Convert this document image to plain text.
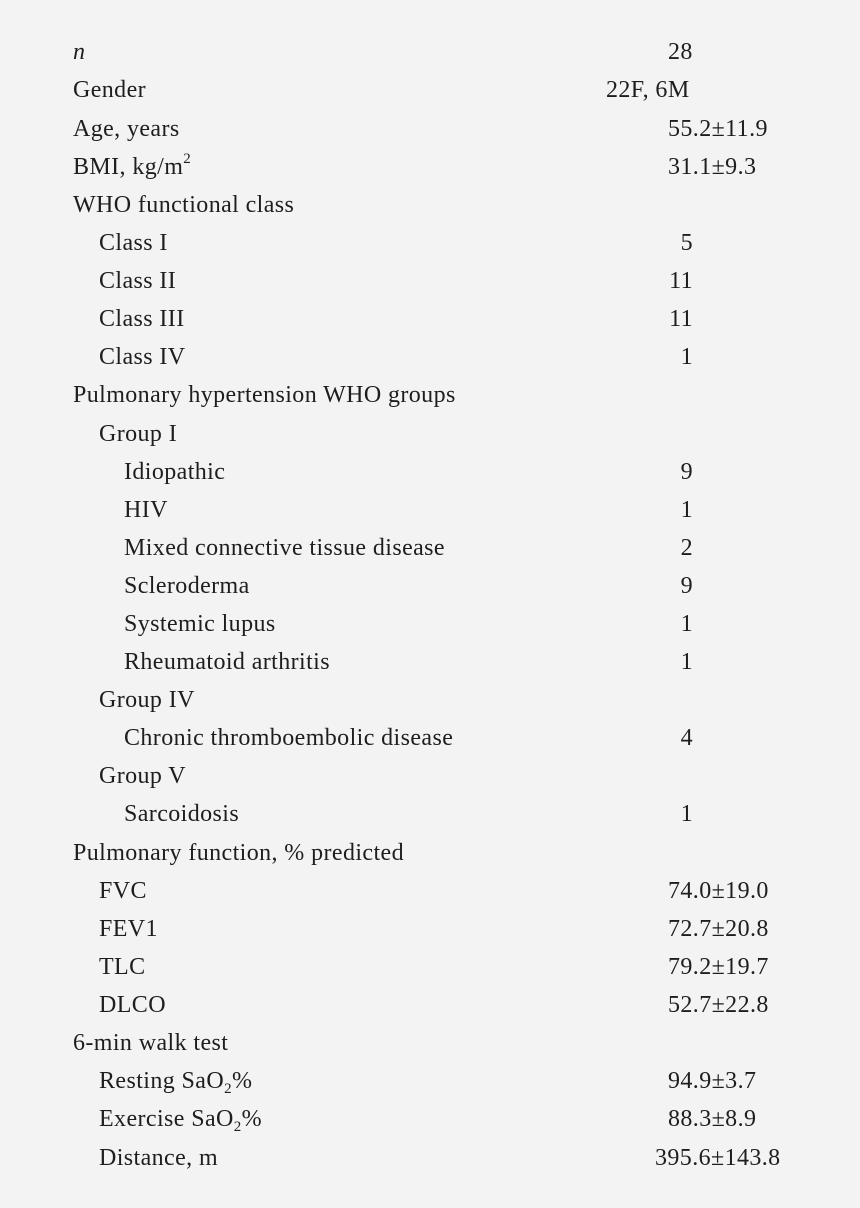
n	28
Gender	22F, 6M
Age, years	55.2±11.9
BMI, $kg/m^2$	31.1±9.3
WHO functional class
Class I	5
Class II	11
Class III	11
Class IV	1
Pulmonary hypertension WHO groups
Group I
Idiopathic	9
HIV	1
Mixed connective tissue disease	2
Scleroderma	9
Systemic lupus	1
Rheumatoid arthritis	1
Group IV
Chronic thromboembolic disease	4
Group V
Sarcoidosis	1
Pulmonary function, % predicted
FVC	74.0±19.0
FEV1	72.7±20.8
TLC	79.2±19.7
DLCO	52.7±22.8
6-min walk test
Resting SaO$_2$%	94.9±3.7
Exercise SaO$_2$%	88.3±8.9
Distance, m	395.6±143.8
